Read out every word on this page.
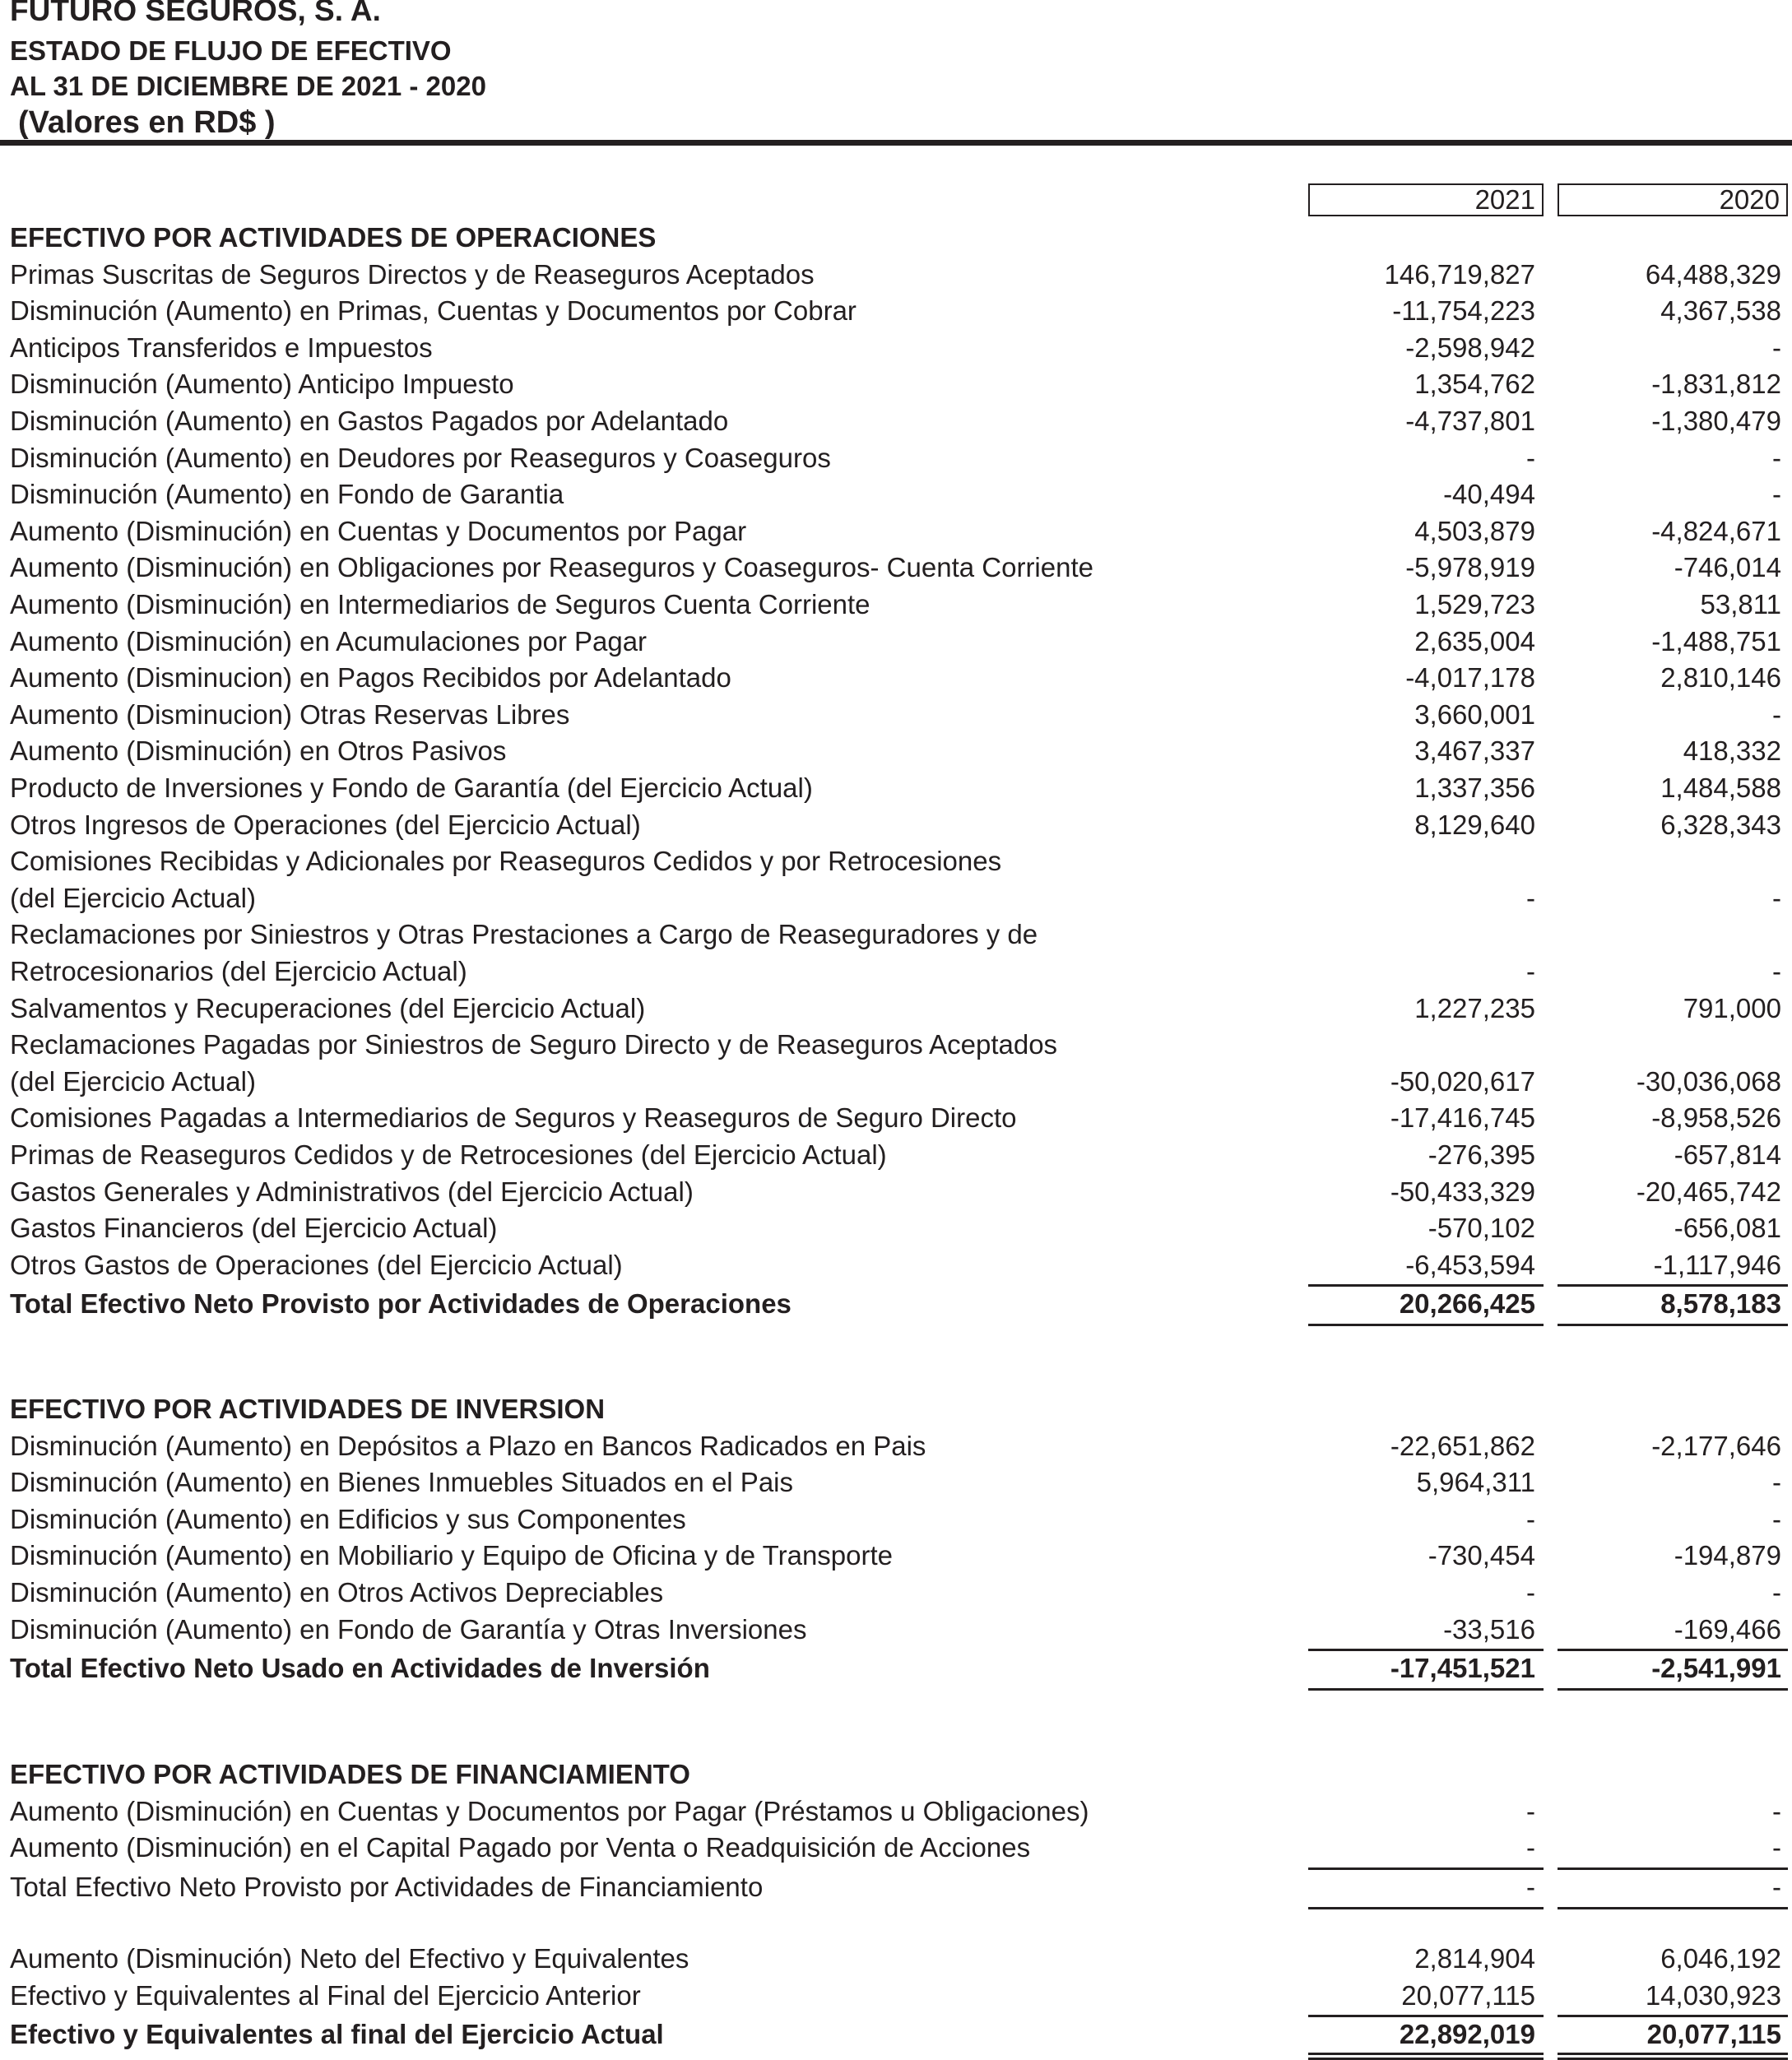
FUTURO SEGUROS, S. A.
ESTADO DE FLUJO DE EFECTIVO
AL 31 DE DICIEMBRE DE 2021 - 2020
(Valores en RD$ )
2021	2020
EFECTIVO POR ACTIVIDADES DE OPERACIONES
Primas Suscritas de Seguros Directos y de Reaseguros Aceptados	146,719,827	64,488,329
Disminución (Aumento) en Primas, Cuentas y Documentos por Cobrar	-11,754,223	4,367,538
Anticipos Transferidos e Impuestos	-2,598,942	-
Disminución (Aumento) Anticipo Impuesto	1,354,762	-1,831,812
Disminución (Aumento) en Gastos Pagados por Adelantado	-4,737,801	-1,380,479
Disminución (Aumento) en Deudores por Reaseguros y Coaseguros	-	-
Disminución (Aumento) en Fondo de Garantia	-40,494	-
Aumento (Disminución) en Cuentas y Documentos por Pagar	4,503,879	-4,824,671
Aumento (Disminución) en Obligaciones por Reaseguros y Coaseguros- Cuenta Corriente	-5,978,919	-746,014
Aumento (Disminución) en Intermediarios de Seguros Cuenta Corriente	1,529,723	53,811
Aumento (Disminución) en Acumulaciones por Pagar	2,635,004	-1,488,751
Aumento (Disminucion) en Pagos Recibidos por Adelantado	-4,017,178	2,810,146
Aumento (Disminucion) Otras Reservas Libres	3,660,001	-
Aumento (Disminución) en Otros Pasivos	3,467,337	418,332
Producto de Inversiones y Fondo de Garantía (del Ejercicio Actual)	1,337,356	1,484,588
Otros Ingresos de Operaciones (del Ejercicio Actual)	8,129,640	6,328,343
Comisiones Recibidas y Adicionales por Reaseguros Cedidos y por Retrocesiones
(del Ejercicio Actual)	-	-
Reclamaciones por Siniestros y Otras Prestaciones a Cargo de Reaseguradores y de
Retrocesionarios (del Ejercicio Actual)	-	-
Salvamentos y Recuperaciones (del Ejercicio Actual)	1,227,235	791,000
Reclamaciones Pagadas por Siniestros de Seguro Directo y de Reaseguros Aceptados
(del Ejercicio Actual)	-50,020,617	-30,036,068
Comisiones Pagadas a Intermediarios de Seguros y Reaseguros de Seguro Directo	-17,416,745	-8,958,526
Primas de Reaseguros Cedidos y de Retrocesiones (del Ejercicio Actual)	-276,395	-657,814
Gastos Generales y Administrativos (del Ejercicio Actual)	-50,433,329	-20,465,742
Gastos Financieros (del Ejercicio Actual)	-570,102	-656,081
Otros Gastos de Operaciones (del Ejercicio Actual)	-6,453,594	-1,117,946
Total Efectivo Neto Provisto por Actividades de Operaciones	20,266,425	8,578,183
EFECTIVO POR ACTIVIDADES DE INVERSION
Disminución (Aumento) en Depósitos a Plazo en Bancos Radicados en Pais	-22,651,862	-2,177,646
Disminución (Aumento) en Bienes Inmuebles Situados en el Pais	5,964,311	-
Disminución (Aumento) en Edificios y sus Componentes	-	-
Disminución (Aumento) en Mobiliario y Equipo de Oficina y de Transporte	-730,454	-194,879
Disminución (Aumento) en Otros Activos Depreciables	-	-
Disminución (Aumento) en Fondo de Garantía y Otras Inversiones	-33,516	-169,466
Total Efectivo Neto Usado en Actividades de Inversión	-17,451,521	-2,541,991
EFECTIVO POR ACTIVIDADES DE FINANCIAMIENTO
Aumento (Disminución) en Cuentas y Documentos por Pagar (Préstamos u Obligaciones)	-	-
Aumento (Disminución) en el Capital Pagado por Venta o Readquisición de Acciones	-	-
Total Efectivo Neto Provisto por Actividades de Financiamiento	-	-
Aumento (Disminución) Neto del Efectivo y Equivalentes	2,814,904	6,046,192
Efectivo y Equivalentes al Final del Ejercicio Anterior	20,077,115	14,030,923
Efectivo y Equivalentes al final del Ejercicio Actual	22,892,019	20,077,115
